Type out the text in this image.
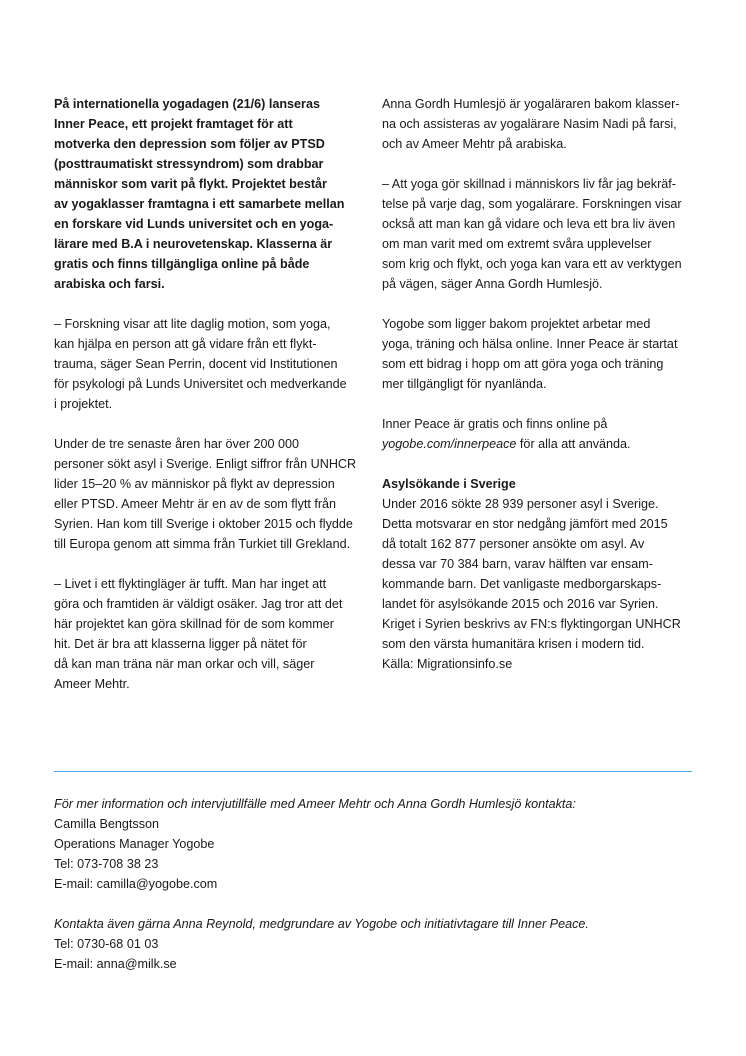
På internationella yogadagen (21/6) lanseras
Inner Peace, ett projekt framtaget för att
motverka den depression som följer av PTSD
(posttraumatiskt stressyndrom) som drabbar
människor som varit på flykt. Projektet består
av yogaklasser framtagna i ett samarbete mellan
en forskare vid Lunds universitet och en yoga-
lärare med B.A i neurovetenskap. Klasserna är
gratis och finns tillgängliga online på både
arabiska och farsi.
– Forskning visar att lite daglig motion, som yoga,
kan hjälpa en person att gå vidare från ett flykt-
trauma, säger Sean Perrin, docent vid Institutionen
för psykologi på Lunds Universitet och medverkande
i projektet.
Under de tre senaste åren har över 200 000
personer sökt asyl i Sverige. Enligt siffror från UNHCR
lider 15–20 % av människor på flykt av depression
eller PTSD. Ameer Mehtr är en av de som flytt från
Syrien. Han kom till Sverige i oktober 2015 och flydde
till Europa genom att simma från Turkiet till Grekland.
– Livet i ett flyktingläger är tufft. Man har inget att
göra och framtiden är väldigt osäker. Jag tror att det
här projektet kan göra skillnad för de som kommer
hit. Det är bra att klasserna ligger på nätet för
då kan man träna när man orkar och vill, säger
Ameer Mehtr.
Anna Gordh Humlesjö är yogaläraren bakom klasser-
na och assisteras av yogalärare Nasim Nadi på farsi,
och av Ameer Mehtr på arabiska.
– Att yoga gör skillnad i människors liv får jag bekräf-
telse på varje dag, som yogalärare. Forskningen visar
också att man kan gå vidare och leva ett bra liv även
om man varit med om extremt svåra upplevelser
som krig och flykt, och yoga kan vara ett av verktygen
på vägen, säger Anna Gordh Humlesjö.
Yogobe som ligger bakom projektet arbetar med
yoga, träning och hälsa online. Inner Peace är startat
som ett bidrag i hopp om att göra yoga och träning
mer tillgängligt för nyanlända.
Inner Peace är gratis och finns online på
yogobe.com/innerpeace för alla att använda.
Asylsökande i Sverige
Under 2016 sökte 28 939 personer asyl i Sverige.
Detta motsvarar en stor nedgång jämfört med 2015
då totalt 162 877 personer ansökte om asyl. Av
dessa var 70 384 barn, varav hälften var ensam-
kommande barn. Det vanligaste medborgarskaps-
landet för asylsökande 2015 och 2016 var Syrien.
Kriget i Syrien beskrivs av FN:s flyktingorgan UNHCR
som den värsta humanitära krisen i modern tid.
Källa: Migrationsinfo.se
För mer information och intervjutillfälle med Ameer Mehtr och Anna Gordh Humlesjö kontakta:
Camilla Bengtsson
Operations Manager Yogobe
Tel: 073-708 38 23
E-mail: camilla@yogobe.com
Kontakta även gärna Anna Reynold, medgrundare av Yogobe och initiativtagare till Inner Peace.
Tel: 0730-68 01 03
E-mail: anna@milk.se
